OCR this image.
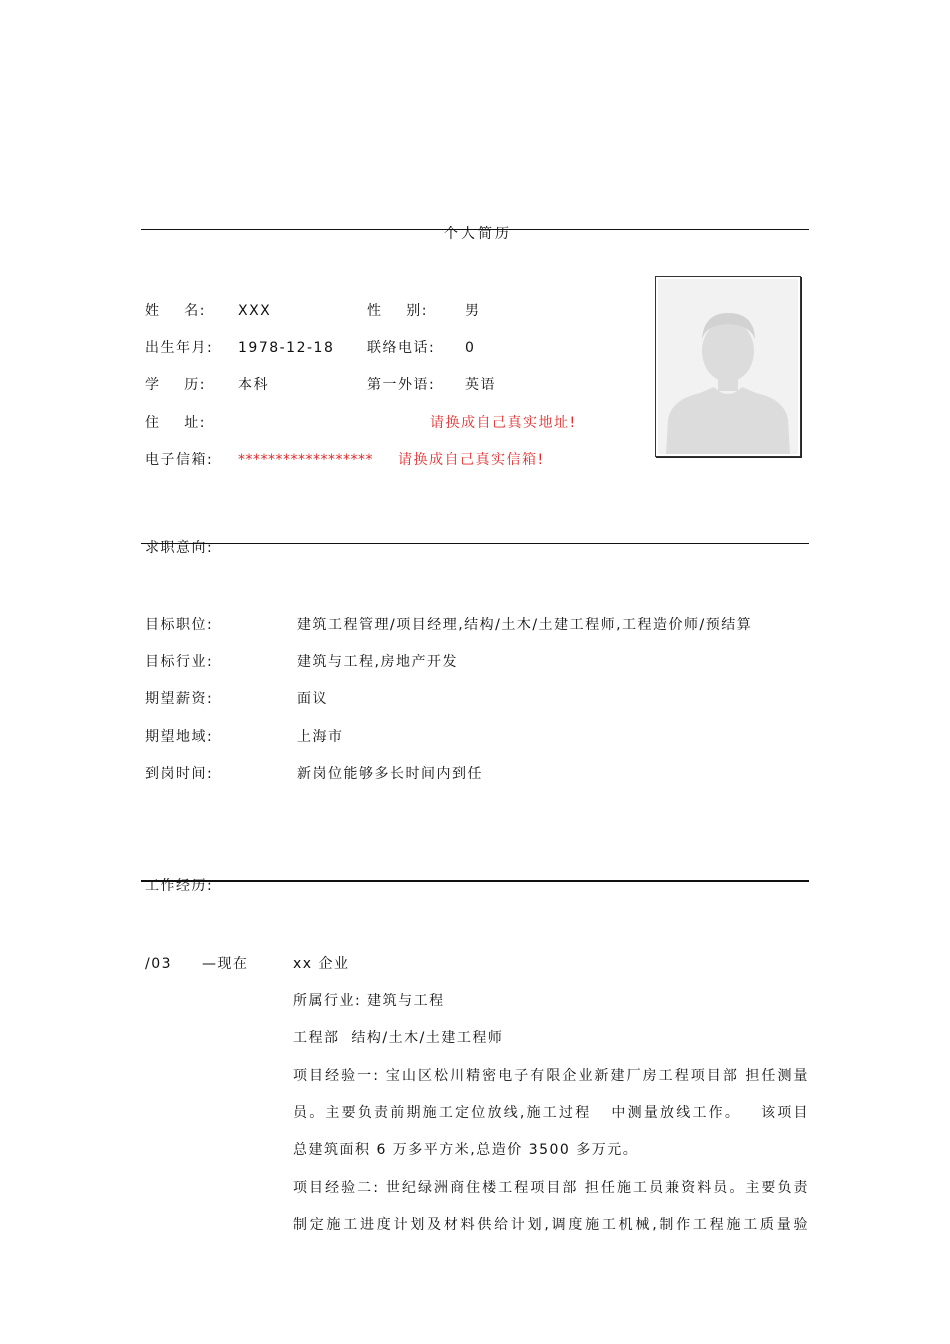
个人简历
姓    名: XXX	性    别:	男
出生年月: 1978-12-18 联络电话: 0
学    历: 本科	第一外语: 英语
住    址:	请换成自己真实地址!
电子信箱: ****************** 请换成自己真实信箱!
求职意向:
目标职位:	建筑工程管理/项目经理,结构/土木/土建工程师,工程造价师/预结算
目标行业:	建筑与工程,房地产开发
期望薪资:	面议
期望地域:	上海市
到岗时间:	新岗位能够多长时间内到任
工作经历:
/03 —现在	xx 企业
所属行业: 建筑与工程
工程部  结构/土木/土建工程师
项目经验一: 宝山区松川精密电子有限企业新建厂房工程项目部 担任测量
员。主要负责前期施工定位放线,施工过程   中测量放线工作。   该项目
总建筑面积 6 万多平方米,总造价 3500 多万元。
项目经验二: 世纪绿洲商住楼工程项目部 担任施工员兼资料员。主要负责
制定施工进度计划及材料供给计划,调度施工机械,制作工程施工质量验
